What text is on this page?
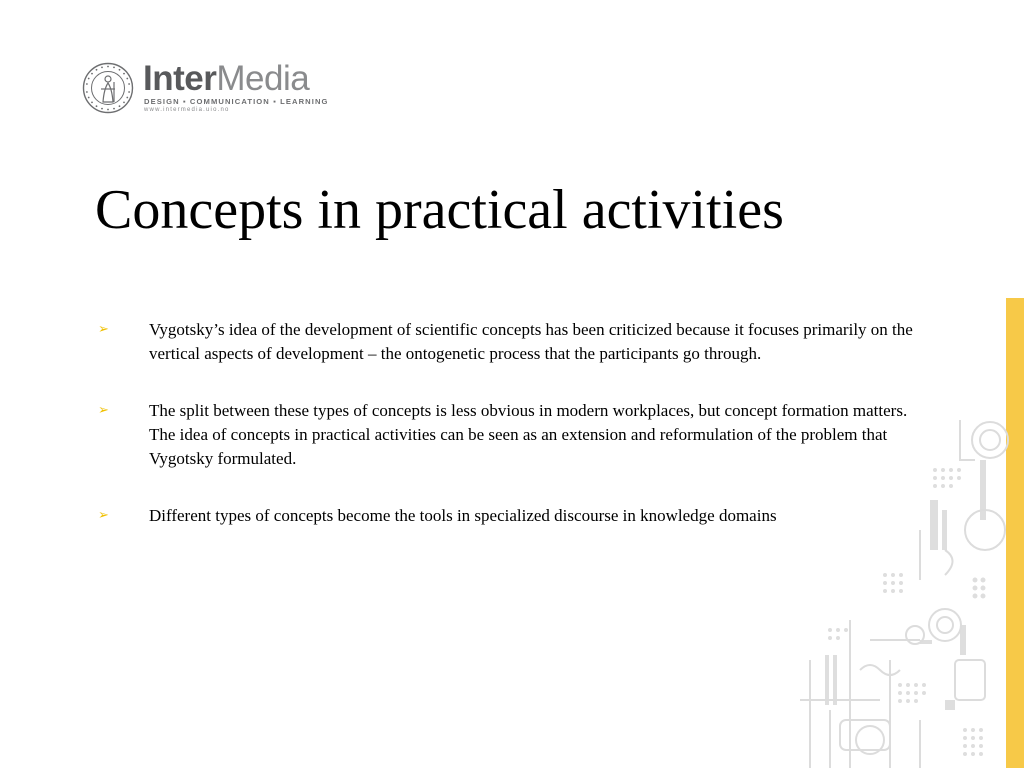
InterMedia
DESIGN ▪ COMMUNICATION ▪ LEARNING
www.intermedia.uio.no
Concepts in practical activities
➢ Vygotsky’s idea of the development of scientific concepts has been criticized because it focuses primarily on the vertical aspects of development – the ontogenetic process that the participants go through.
➢ The split between these types of concepts is less obvious in modern workplaces, but concept formation matters. The idea of concepts in practical activities can be seen as an extension and reformulation of the problem that Vygotsky formulated.
➢ Different types of concepts become the tools in specialized discourse in knowledge domains
